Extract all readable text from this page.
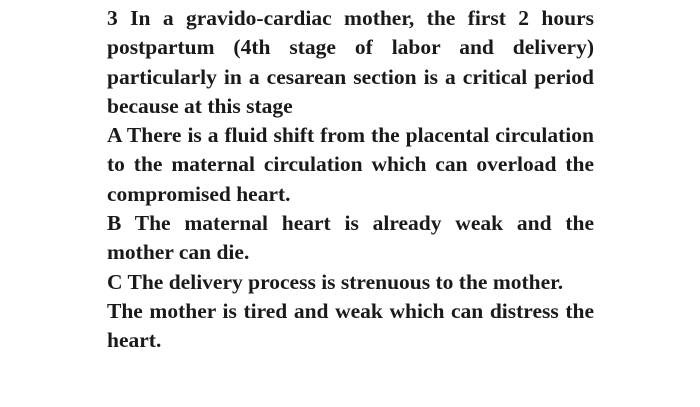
3 In a gravido-cardiac mother, the first 2 hours postpartum (4th stage of labor and delivery) particularly in a cesarean section is a critical period because at this stage

A There is a fluid shift from the placental circulation to the maternal circulation which can overload the compromised heart.

B The maternal heart is already weak and the mother can die.

C The delivery process is strenuous to the mother.

The mother is tired and weak which can distress the heart.
